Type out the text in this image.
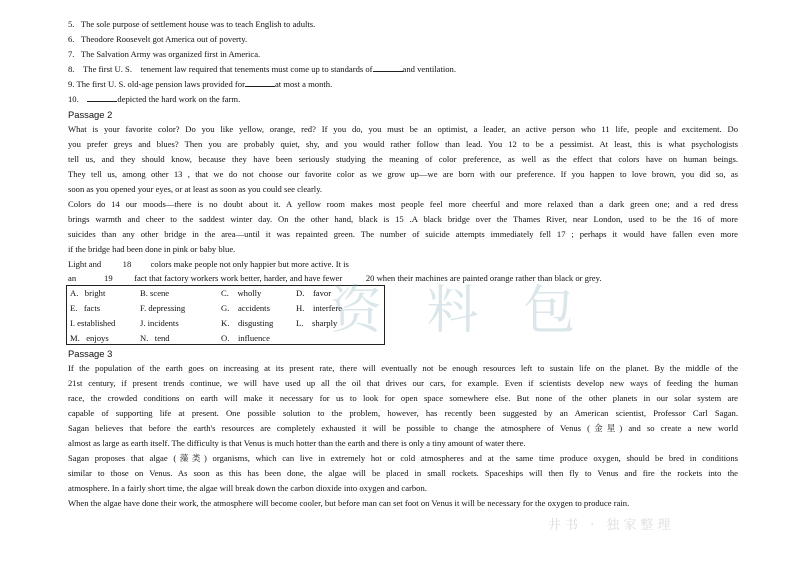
5.   The sole purpose of settlement house was to teach English to adults.
6.   Theodore Roosevelt got America out of poverty.
7.   The Salvation Army was organized first in America.
8.    The first U. S.    tenement law required that tenements must come up to standards of	and ventilation.
9. The first U. S. old-age pension laws provided for	at most a month.
10.	depicted the hard work on the farm.
Passage 2
What is your favorite color? Do you like yellow, orange, red? If you do, you must be an optimist, a leader, an active person who 11 life, people and excitement. Do
you prefer greys and blues? Then you are probably quiet, shy, and you would rather follow than lead. You 12 to be a pessimist. At least, this is what psychologists
tell us, and they should know, because they have been seriously studying the meaning of color preference, as well as the effect that colors have on human beings.
They tell us, among other 13 , that we do not choose our favorite color as we grow up—we are born with our preference. If you happen to love brown, you did so, as
soon as you opened your eyes, or at least as soon as you could see clearly.
Colors do 14 our moods—there is no doubt about it. A yellow room makes most people feel more cheerful and more relaxed than a dark green one; and a red dress
brings warmth and cheer to the saddest winter day. On the other hand, black is 15 .A black bridge over the Thames River, near London, used to be the 16 of more
suicides than any other bridge in the area—until it was repainted green. The number of suicide attempts immediately fell 17 ; perhaps it would have fallen even more
if the bridge had been done in pink or baby blue.
Light and          18         colors make people not only happier but more active. It is
an             19          fact that factory workers work better, harder, and have fewer           20 when their machines are painted orange rather than black or grey.
A.   bright	B. scene	C.    wholly	D.    favor
E.   facts	F. depressing	G.    accidents	H.    interfere
I. established	J. incidents	K.    disgusting	L.    sharply
M.   enjoys	N.   tend	O.    influence
Passage 3
If the population of the earth goes on increasing at its present rate, there will eventually not be enough resources left to sustain life on the planet. By the middle of the
21st century, if present trends continue, we will have used up all the oil that drives our cars, for example. Even if scientists develop new ways of feeding the human
race, the crowded conditions on earth will make it necessary for us to look for open space somewhere else. But none of the other planets in our solar system are
capable of supporting life at present. One possible solution to the problem, however, has recently been suggested by an American scientist, Professor Carl Sagan.
Sagan believes that before the earth's resources are completely exhausted it will be possible to change the atmosphere of Venus (金星) and so create a new world
almost as large as earth itself. The difficulty is that Venus is much hotter than the earth and there is only a tiny amount of water there.
Sagan proposes that algae (藻类) organisms, which can live in extremely hot or cold atmospheres and at the same time produce oxygen, should be bred in conditions
similar to those on Venus. As soon as this has been done, the algae will be placed in small rockets. Spaceships will then fly to Venus and fire the rockets into the
atmosphere. In a fairly short time, the algae will break down the carbon dioxide into oxygen and carbon.
When the algae have done their work, the atmosphere will become cooler, but before man can set foot on Venus it will be necessary for the oxygen to produce rain.
资 料 包
井书 · 独家整理
